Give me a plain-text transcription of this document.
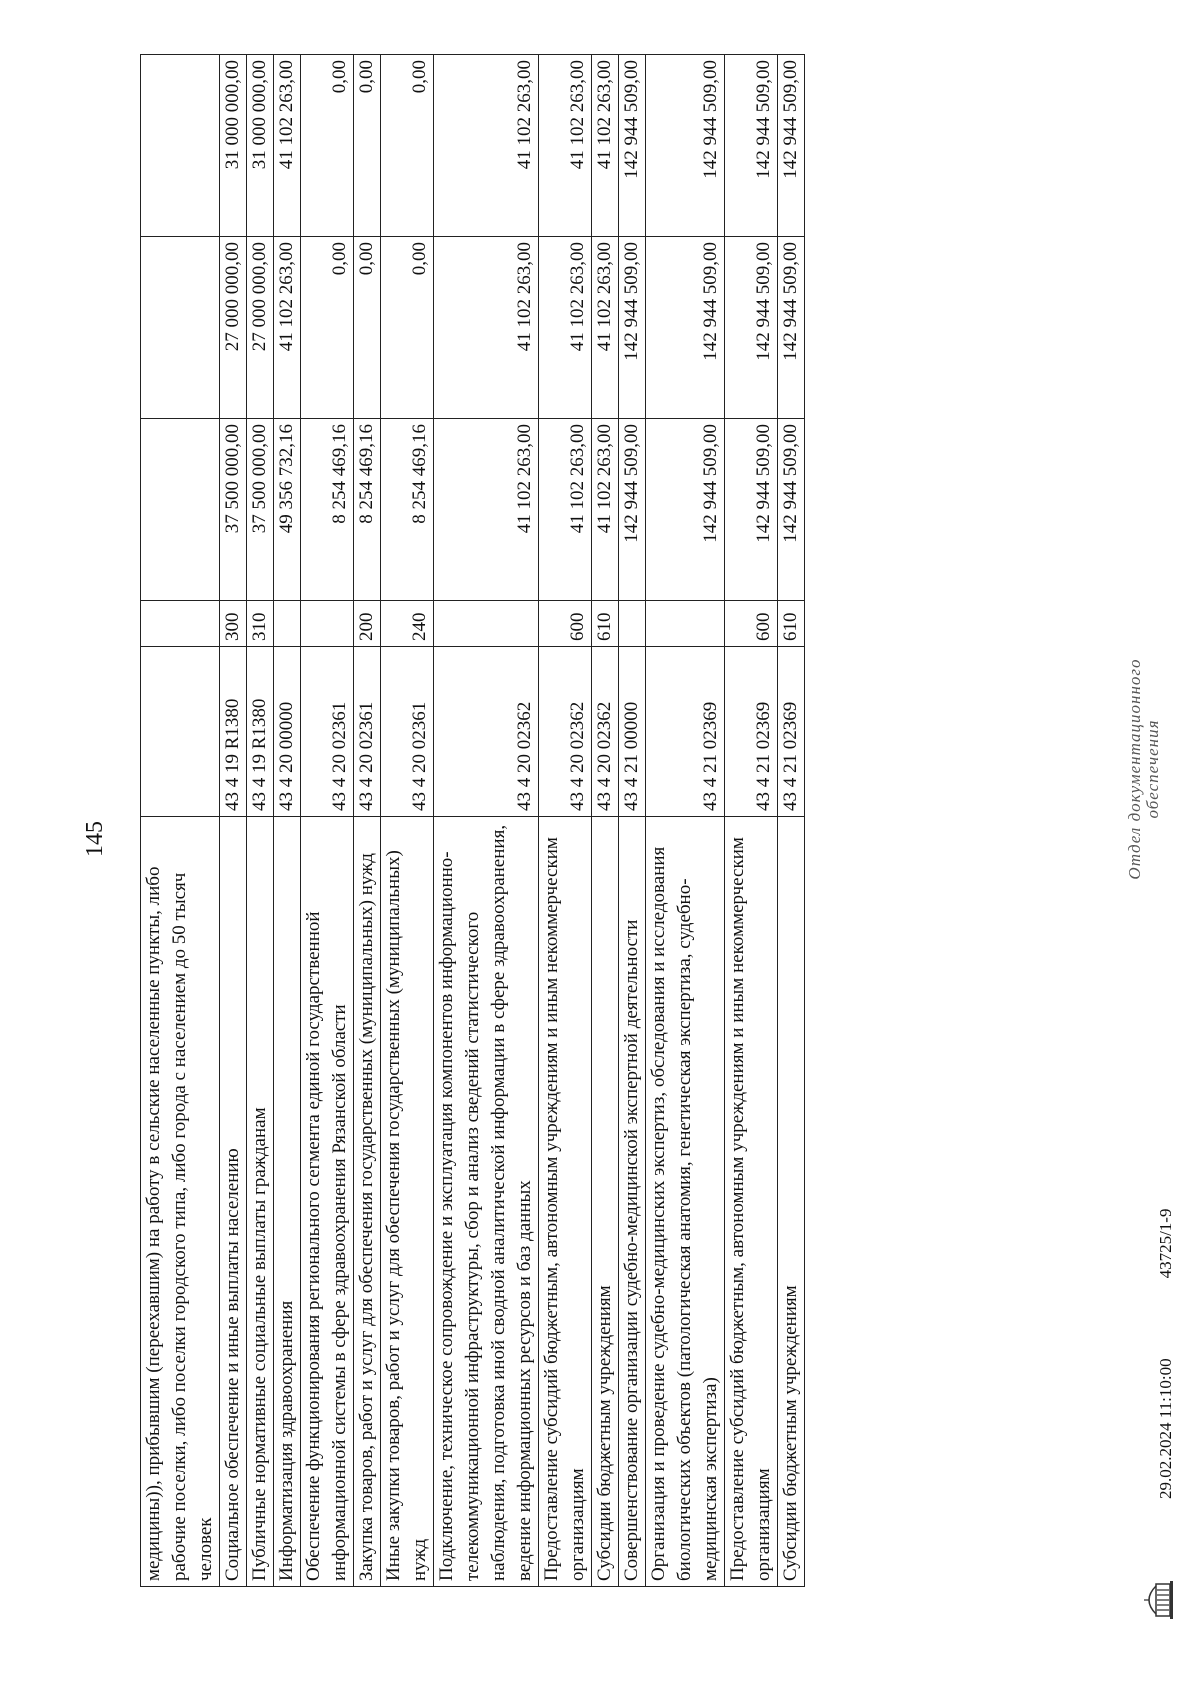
145
медицины)), прибывшим (переехавшим) на работу в сельские населенные пункты, либо рабочие поселки, либо поселки городского типа, либо города с населением до 50 тысяч человек					
Социальное обеспечение и иные выплаты населению	43 4 19 R1380	300	37 500 000,00	27 000 000,00	31 000 000,00
Публичные нормативные социальные выплаты гражданам	43 4 19 R1380	310	37 500 000,00	27 000 000,00	31 000 000,00
Информатизация здравоохранения	43 4 20 00000		49 356 732,16	41 102 263,00	41 102 263,00
Обеспечение функционирования регионального сегмента единой государственной информационной системы в сфере здравоохранения Рязанской области	43 4 20 02361		8 254 469,16	0,00	0,00
Закупка товаров, работ и услуг для обеспечения государственных (муниципальных) нужд	43 4 20 02361	200	8 254 469,16	0,00	0,00
Иные закупки товаров, работ и услуг для обеспечения государственных (муниципальных) нужд	43 4 20 02361	240	8 254 469,16	0,00	0,00
Подключение, техническое сопровождение и эксплуатация компонентов информационно-телекоммуникационной инфраструктуры, сбор и анализ сведений статистического наблюдения, подготовка иной сводной аналитической информации в сфере здравоохранения, ведение информационных ресурсов и баз данных	43 4 20 02362		41 102 263,00	41 102 263,00	41 102 263,00
Предоставление субсидий бюджетным, автономным учреждениям и иным некоммерческим организациям	43 4 20 02362	600	41 102 263,00	41 102 263,00	41 102 263,00
Субсидии бюджетным учреждениям	43 4 20 02362	610	41 102 263,00	41 102 263,00	41 102 263,00
Совершенствование организации судебно-медицинской экспертной деятельности	43 4 21 00000		142 944 509,00	142 944 509,00	142 944 509,00
Организация и проведение судебно-медицинских экспертиз, обследования и исследования биологических объектов (патологическая анатомия, генетическая экспертиза, судебно-медицинская экспертиза)	43 4 21 02369		142 944 509,00	142 944 509,00	142 944 509,00
Предоставление субсидий бюджетным, автономным учреждениям и иным некоммерческим организациям	43 4 21 02369	600	142 944 509,00	142 944 509,00	142 944 509,00
Субсидии бюджетным учреждениям	43 4 21 02369	610	142 944 509,00	142 944 509,00	142 944 509,00
29.02.2024 11:10:00
43725/1-9
Отдел документационного обеспечения
